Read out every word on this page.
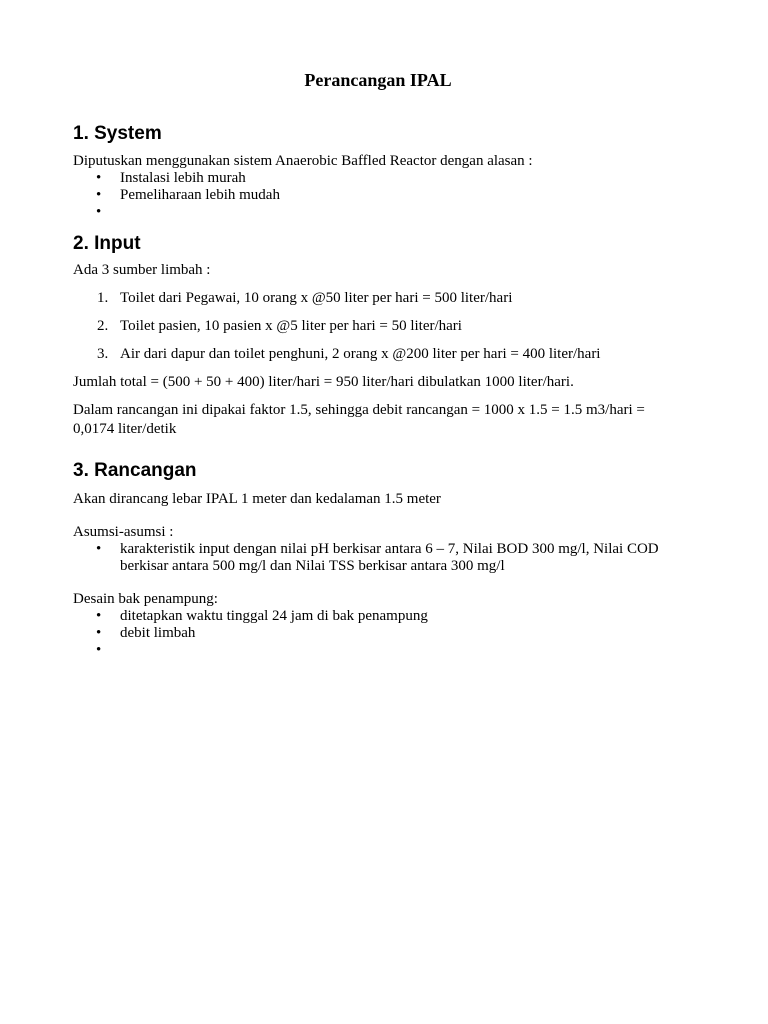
Perancangan IPAL
1. System
Diputuskan menggunakan sistem Anaerobic Baffled Reactor dengan alasan :
• Instalasi lebih murah
• Pemeliharaan lebih mudah
•
2. Input
Ada 3 sumber limbah :
1. Toilet dari Pegawai, 10 orang x @50 liter per hari = 500 liter/hari
2. Toilet pasien, 10 pasien x @5 liter per hari = 50 liter/hari
3. Air dari dapur dan toilet penghuni, 2 orang x @200 liter per hari = 400 liter/hari
Jumlah total = (500 + 50 + 400) liter/hari = 950 liter/hari dibulatkan 1000 liter/hari.
Dalam rancangan ini dipakai faktor 1.5, sehingga debit rancangan = 1000 x 1.5 = 1.5 m3/hari = 0,0174 liter/detik
3. Rancangan
Akan dirancang lebar IPAL 1 meter dan kedalaman 1.5 meter
Asumsi-asumsi :
• karakteristik input dengan nilai pH berkisar antara 6 – 7, Nilai BOD 300 mg/l, Nilai COD berkisar antara 500 mg/l dan Nilai TSS berkisar antara 300 mg/l
Desain bak penampung:
• ditetapkan waktu tinggal 24 jam di bak penampung
• debit limbah
•
